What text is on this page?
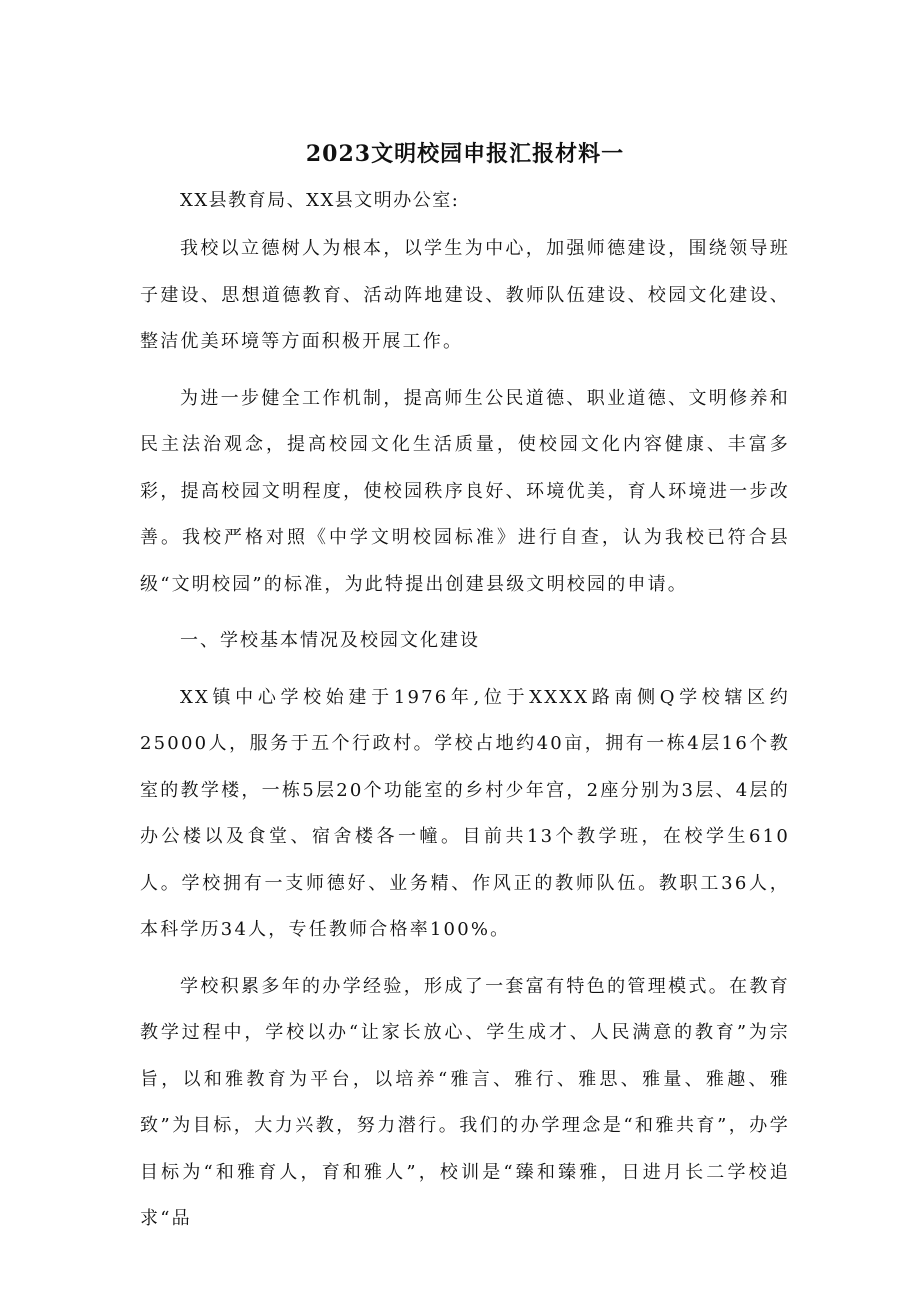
2023文明校园申报汇报材料一
XX县教育局、XX县文明办公室:

我校以立德树人为根本，以学生为中心，加强师德建设，围绕领导班子建设、思想道德教育、活动阵地建设、教师队伍建设、校园文化建设、整洁优美环境等方面积极开展工作。

为进一步健全工作机制，提高师生公民道德、职业道德、文明修养和民主法治观念，提高校园文化生活质量，使校园文化内容健康、丰富多彩，提高校园文明程度，使校园秩序良好、环境优美，育人环境进一步改善。我校严格对照《中学文明校园标准》进行自查，认为我校已符合县级“文明校园”的标准，为此特提出创建县级文明校园的申请。

一、学校基本情况及校园文化建设

XX镇中心学校始建于1976年,位于XXXX路南侧Q学校辖区约25000人，服务于五个行政村。学校占地约40亩，拥有一栋4层16个教室的教学楼，一栋5层20个功能室的乡村少年宫，2座分别为3层、4层的办公楼以及食堂、宿舍楼各一幢。目前共13个教学班，在校学生610人。学校拥有一支师德好、业务精、作风正的教师队伍。教职工36人，本科学历34人，专任教师合格率100%。

学校积累多年的办学经验，形成了一套富有特色的管理模式。在教育教学过程中，学校以办“让家长放心、学生成才、人民满意的教育”为宗旨，以和雅教育为平台，以培养“雅言、雅行、雅思、雅量、雅趣、雅致”为目标，大力兴教，努力潜行。我们的办学理念是“和雅共育”，办学目标为“和雅育人，育和雅人”，校训是“臻和臻雅，日进月长二学校追求“品
